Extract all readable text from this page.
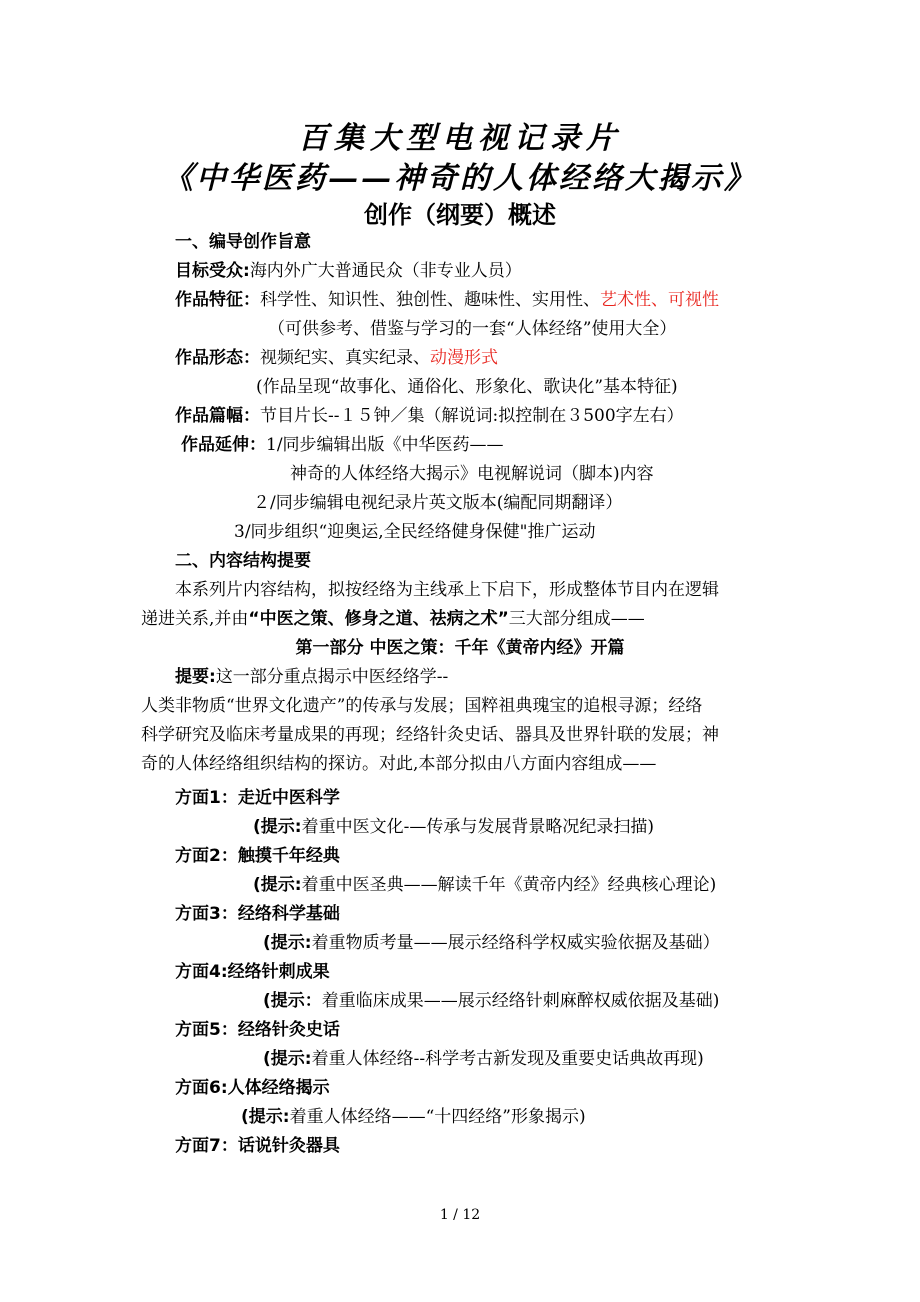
百集大型电视记录片
《中华医药——神奇的人体经络大揭示》
创作（纲要）概述
一、编导创作旨意
目标受众:海内外广大普通民众（非专业人员）
作品特征：科学性、知识性、独创性、趣味性、实用性、艺术性、可视性
（可供参考、借鉴与学习的一套“人体经络”使用大全）
作品形态：视频纪实、真实纪录、动漫形式
(作品呈现“故事化、通俗化、形象化、歌诀化”基本特征)
作品篇幅：节目片长--１５钟／集（解说词:拟控制在３500字左右）
作品延伸：1/同步编辑出版《中华医药——
神奇的人体经络大揭示》电视解说词（脚本)内容
２/同步编辑电视纪录片英文版本(编配同期翻译）
3/同步组织“迎奥运,全民经络健身保健"推广运动
二、内容结构提要
本系列片内容结构，拟按经络为主线承上下启下，形成整体节目内在逻辑
递进关系,并由“中医之策、修身之道、祛病之术”三大部分组成——
第一部分 中医之策：千年《黄帝内经》开篇
提要:这一部分重点揭示中医经络学--
人类非物质“世界文化遗产”的传承与发展；国粹祖典瑰宝的追根寻源；经络
科学研究及临床考量成果的再现；经络针灸史话、器具及世界针联的发展；神
奇的人体经络组织结构的探访。对此,本部分拟由八方面内容组成——
方面1：走近中医科学
(提示:着重中医文化-—传承与发展背景略况纪录扫描)
方面2：触摸千年经典
(提示:着重中医圣典——解读千年《黄帝内经》经典核心理论)
方面3：经络科学基础
(提示:着重物质考量——展示经络科学权威实验依据及基础）
方面4:经络针刺成果
(提示：着重临床成果——展示经络针刺麻醉权威依据及基础)
方面5：经络针灸史话
(提示:着重人体经络--科学考古新发现及重要史话典故再现)
方面6:人体经络揭示
(提示:着重人体经络——“十四经络”形象揭示)
方面7：话说针灸器具
1 / 12
